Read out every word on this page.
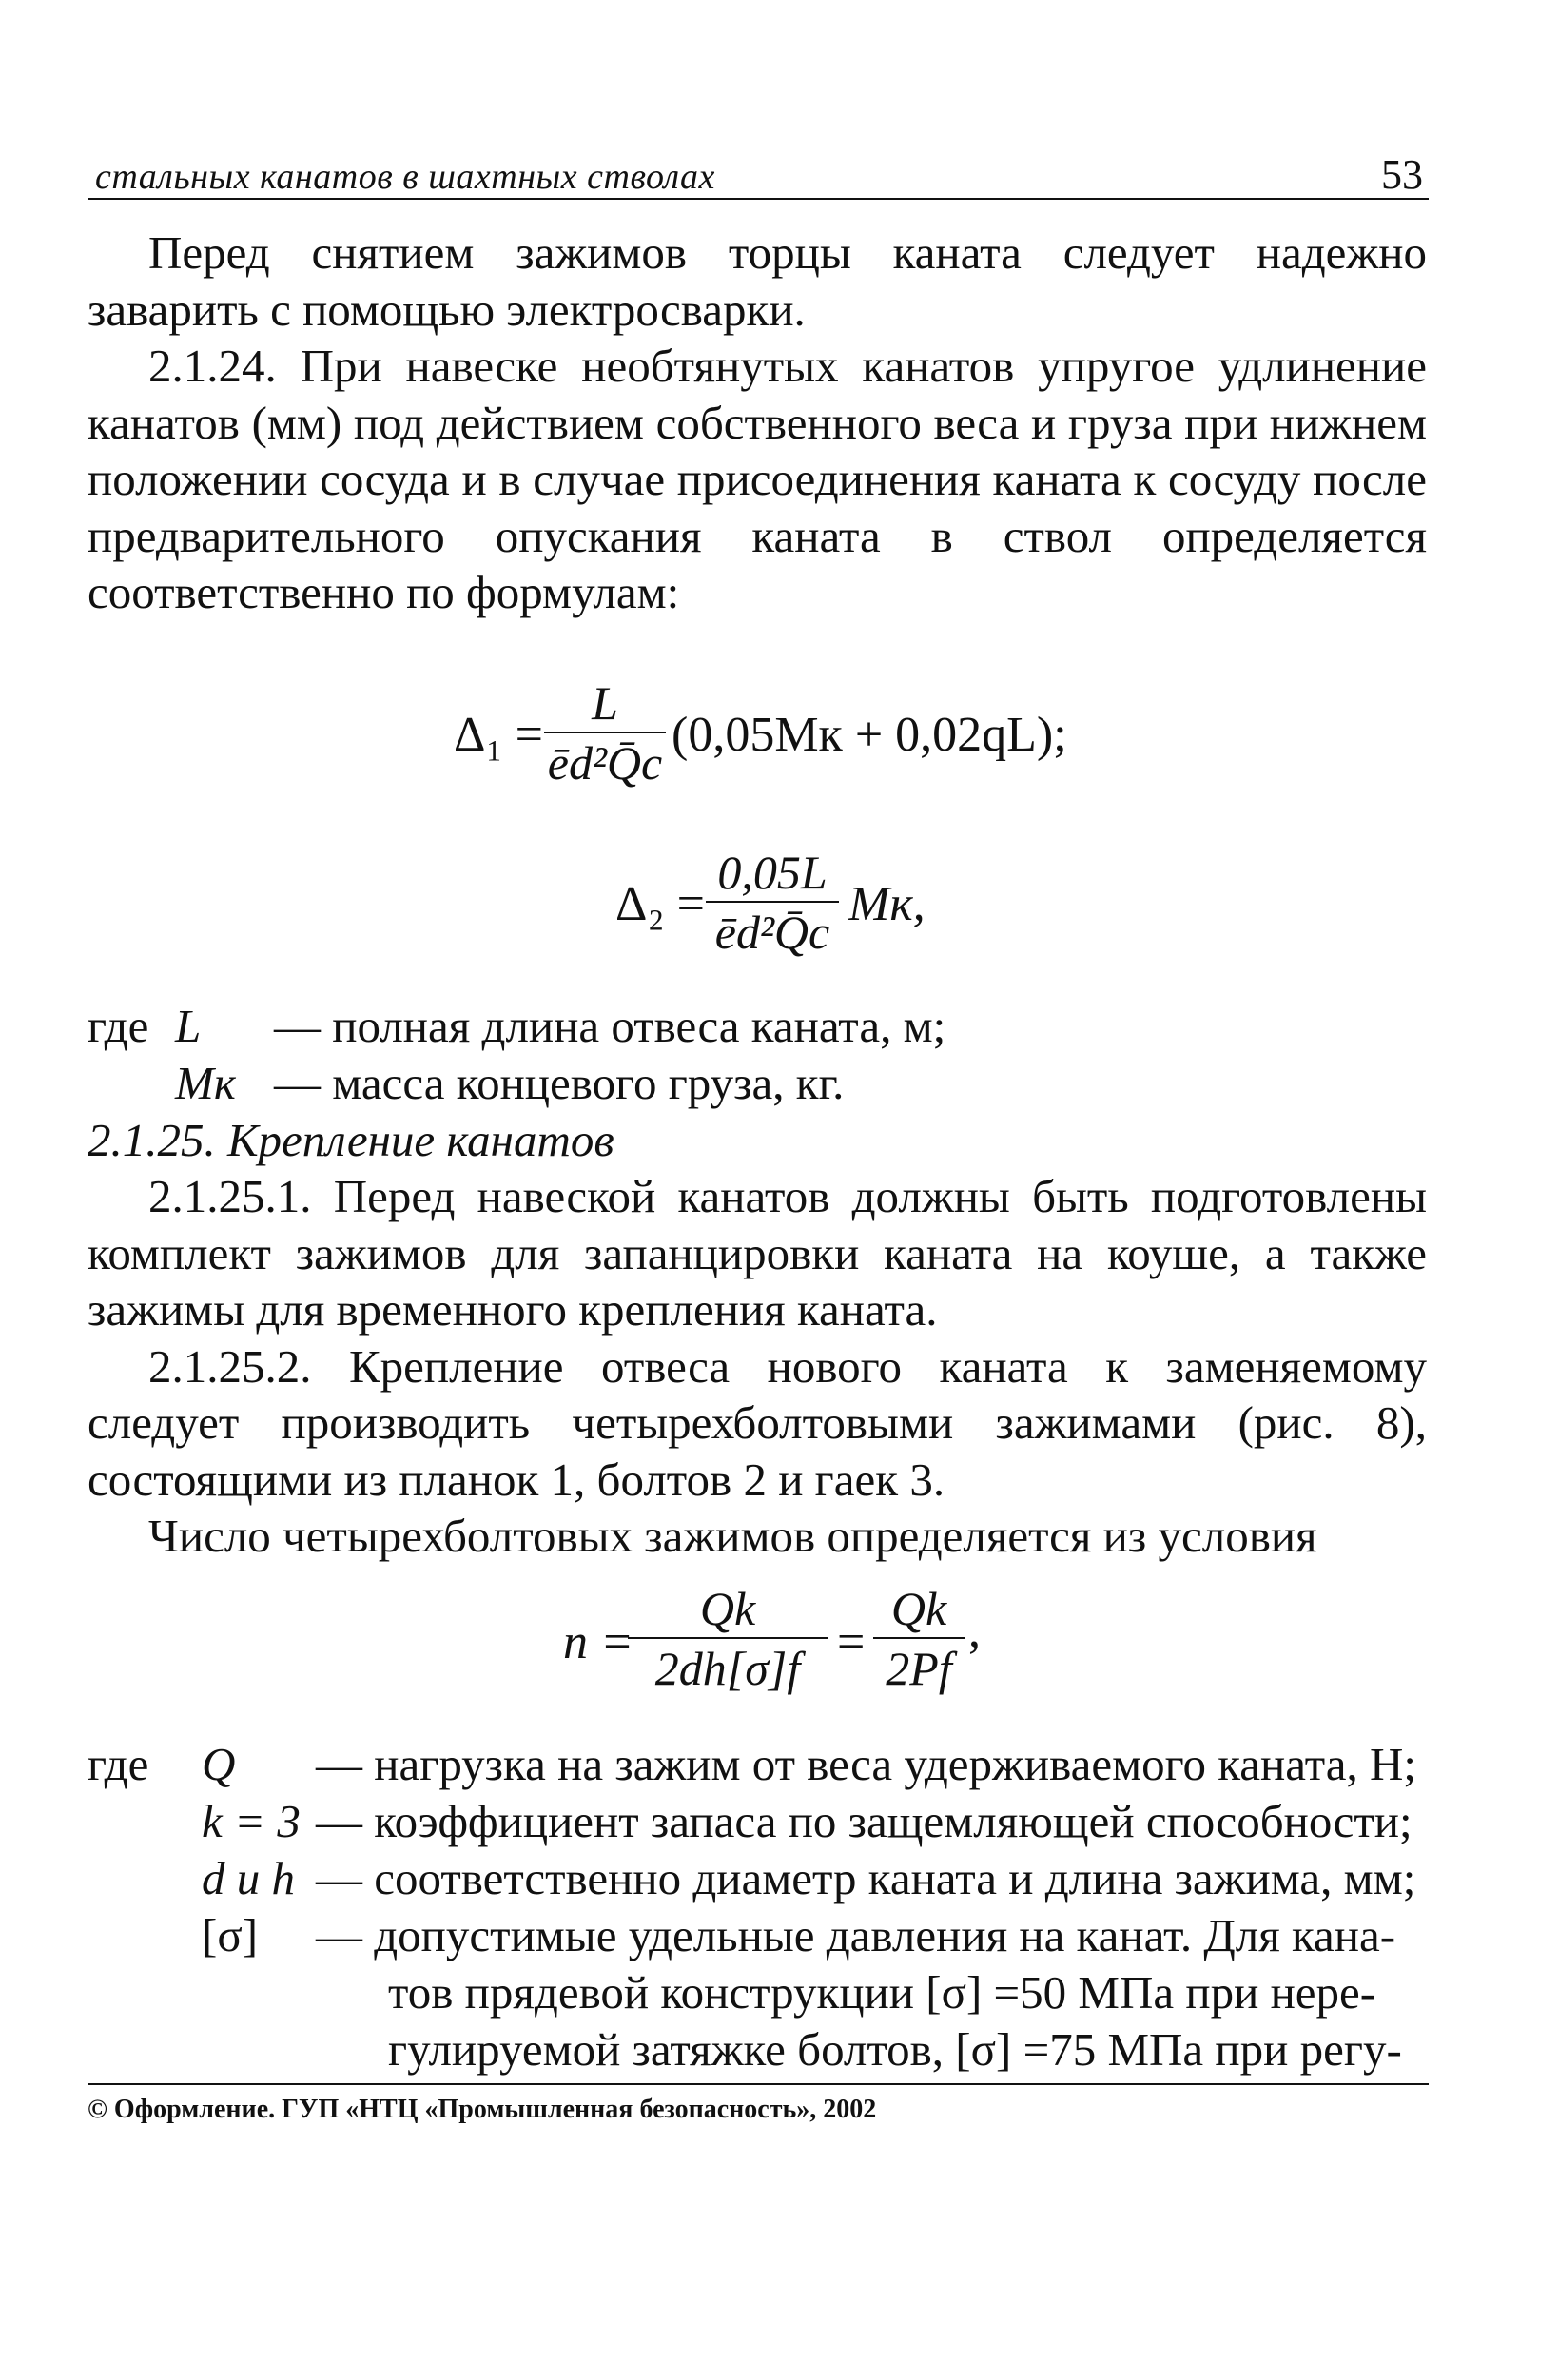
стальных канатов в шахтных стволах	53

Перед снятием зажимов торцы каната следует надежно заварить с помощью электросварки.

2.1.24. При навеске необтянутых канатов упругое удлинение канатов (мм) под действием собственного веса и груза при нижнем положении сосуда и в случае присоединения каната к сосуду после предварительного опускания каната в ствол определяется соответственно по формулам:

$\Delta_1 = \frac{L}{\text{ēd²Q̄c}} (0,05Mк + 0,02qL)$;
$\Delta_2 = \frac{0,05L}{\text{ēd²Q̄c}}$ Mк,
где L — полная длина отвеса каната, м;
Mк — масса концевого груза, кг.

2.1.25. Крепление канатов

2.1.25.1. Перед навеской канатов должны быть подготовлены комплект зажимов для запанцировки каната на коуше, а также зажимы для временного крепления каната.

2.1.25.2. Крепление отвеса нового каната к заменяемому следует производить четырехболтовыми зажимами (рис. 8), состоящими из планок 1, болтов 2 и гаек 3.

Число четырехболтовых зажимов определяется из условия

n =
$\frac{Qk}{2dh[\sigma]f} = \frac{Qk}{2Pf}$ ,
где Q — нагрузка на зажим от веса удерживаемого каната, Н;
k = 3 — коэффициент запаса по защемляющей способности;
d и h — соответственно диаметр каната и длина зажима, мм;
[σ] — допустимые удельные давления на канат. Для кана-
тов прядевой конструкции [σ] =50 МПа при нере-
гулируемой затяжке болтов, [σ] =75 МПа при регу-
© Оформление. ГУП «НТЦ «Промышленная безопасность», 2002
